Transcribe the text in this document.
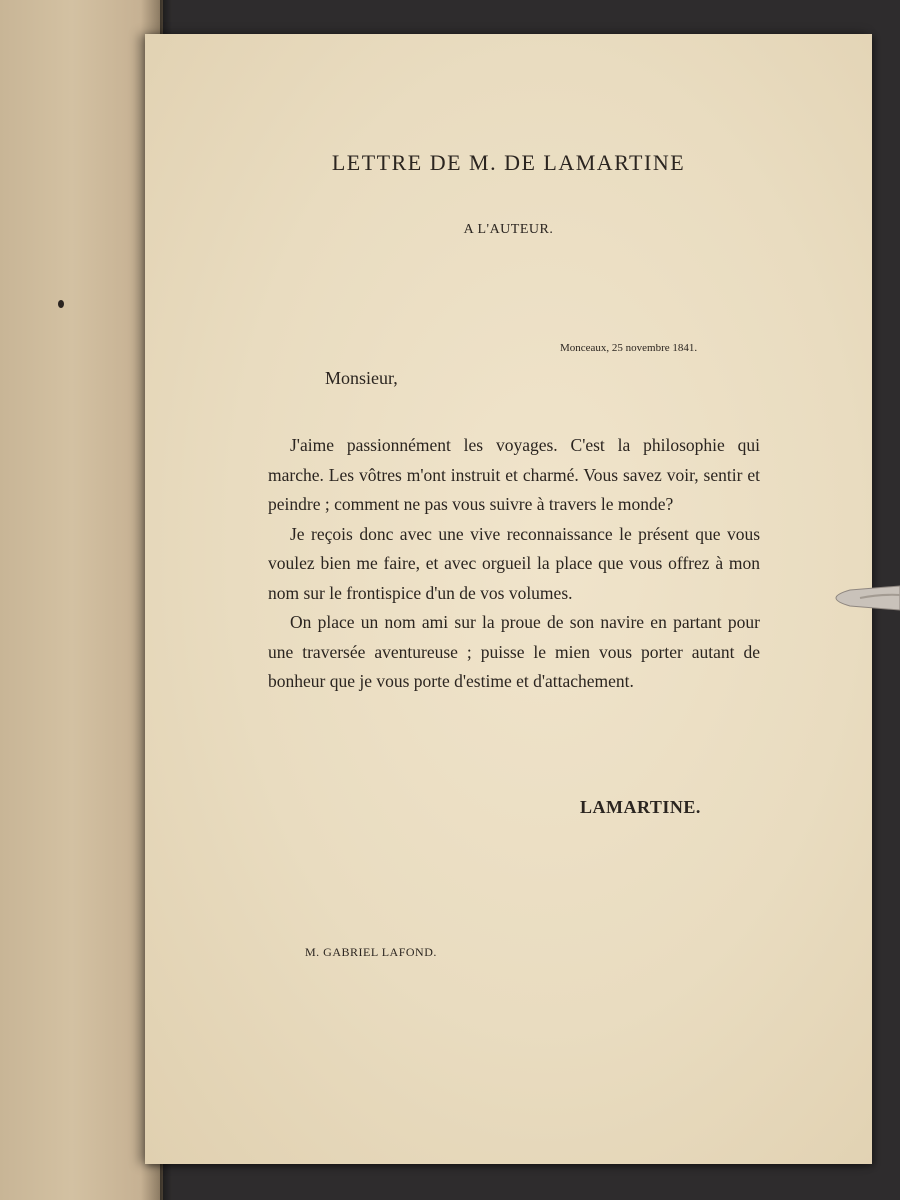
LETTRE DE M. DE LAMARTINE
A L'AUTEUR.
Monceaux, 25 novembre 1841.
Monsieur,

J'aime passionnément les voyages. C'est la philosophie qui marche. Les vôtres m'ont instruit et charmé. Vous savez voir, sentir et peindre ; comment ne pas vous suivre à travers le monde?

Je reçois donc avec une vive reconnaissance le présent que vous voulez bien me faire, et avec orgueil la place que vous offrez à mon nom sur le frontispice d'un de vos volumes.

On place un nom ami sur la proue de son navire en partant pour une traversée aventureuse ; puisse le mien vous porter autant de bonheur que je vous porte d'estime et d'attachement.

LAMARTINE.
M. GABRIEL LAFOND.
